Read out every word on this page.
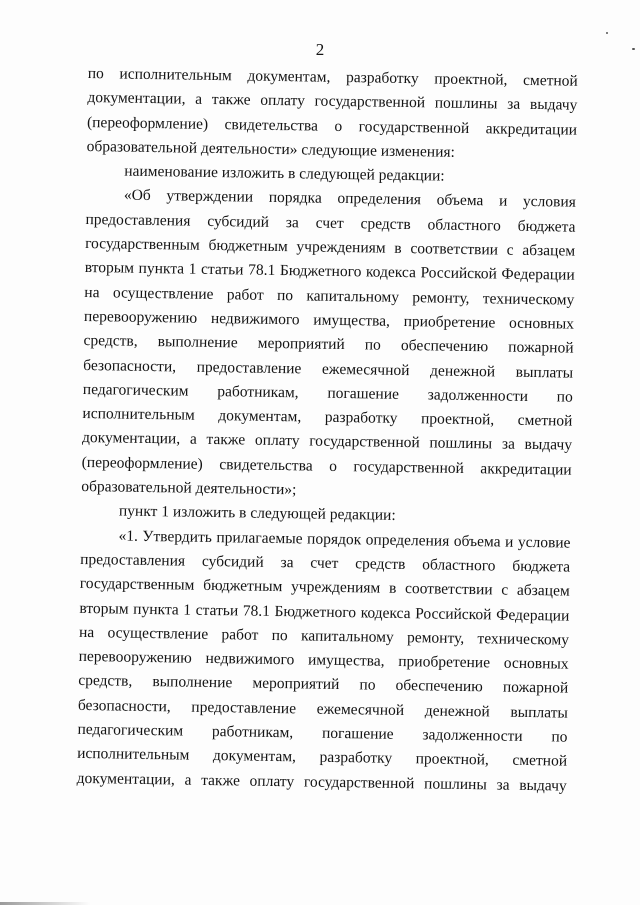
2

по исполнительным документам, разработку проектной, сметной
документации, а также оплату государственной пошлины за выдачу
(переоформление) свидетельства о государственной аккредитации
образовательной деятельности» следующие изменения:

наименование изложить в следующей редакции:

«Об утверждении порядка определения объема и условия
предоставления субсидий за счет средств областного бюджета
государственным бюджетным учреждениям в соответствии с абзацем
вторым пункта 1 статьи 78.1 Бюджетного кодекса Российской Федерации
на осуществление работ по капитальному ремонту, техническому
перевооружению недвижимого имущества, приобретение основных
средств, выполнение мероприятий по обеспечению пожарной
безопасности, предоставление ежемесячной денежной выплаты
педагогическим работникам, погашение задолженности по
исполнительным документам, разработку проектной, сметной
документации, а также оплату государственной пошлины за выдачу
(переоформление) свидетельства о государственной аккредитации
образовательной деятельности»;

пункт 1 изложить в следующей редакции:

«1. Утвердить прилагаемые порядок определения объема и условие
предоставления субсидий за счет средств областного бюджета
государственным бюджетным учреждениям в соответствии с абзацем
вторым пункта 1 статьи 78.1 Бюджетного кодекса Российской Федерации
на осуществление работ по капитальному ремонту, техническому
перевооружению недвижимого имущества, приобретение основных
средств, выполнение мероприятий по обеспечению пожарной
безопасности, предоставление ежемесячной денежной выплаты
педагогическим работникам, погашение задолженности по
исполнительным документам, разработку проектной, сметной
документации, а также оплату государственной пошлины за выдачу
